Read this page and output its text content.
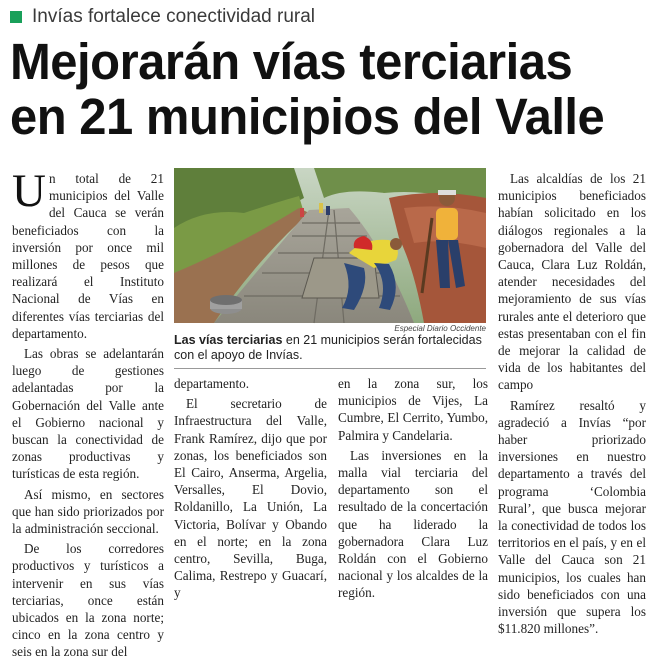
Invías fortalece conectividad rural
Mejorarán vías terciarias
en 21 municipios del Valle

Un total de 21 municipios del Valle del Cauca se verán beneficiados con la inversión por once mil millones de pesos que realizará el Instituto Nacional de Vías en diferentes vías terciarias del departamento.

Las obras se adelantarán luego de gestiones adelantadas por la Gobernación del Valle ante el Gobierno nacional y buscan la conectividad de zonas productivas y turísticas de esta región.

Así mismo, en sectores que han sido priorizados por la administración seccional.

De los corredores productivos y turísticos a intervenir en sus vías terciarias, once están ubicados en la zona norte; cinco en la zona centro y seis en la zona sur del

Especial Diario Occidente
Las vías terciarias en 21 municipios serán fortalecidas con el apoyo de Invías.

departamento.

El secretario de Infraestructura del Valle, Frank Ramírez, dijo que por zonas, los beneficiados son El Cairo, Anserma, Argelia, Versalles, El Dovio, Roldanillo, La Unión, La Victoria, Bolívar y Obando en el norte; en la zona centro, Sevilla, Buga, Calima, Restrepo y Guacarí, y

en la zona sur, los municipios de Vijes, La Cumbre, El Cerrito, Yumbo, Palmira y Candelaria.

Las inversiones en la malla vial terciaria del departamento son el resultado de la concertación que ha liderado la gobernadora Clara Luz Roldán con el Gobierno nacional y los alcaldes de la región.

Las alcaldías de los 21 municipios beneficiados habían solicitado en los diálogos regionales a la gobernadora del Valle del Cauca, Clara Luz Roldán, atender necesidades del mejoramiento de sus vías rurales ante el deterioro que estas presentaban con el fin de mejorar la calidad de vida de los habitantes del campo

Ramírez resaltó y agradeció a Invías “por haber priorizado inversiones en nuestro departamento a través del programa ‘Colombia Rural’, que busca mejorar la conectividad de todos los territorios en el país, y en el Valle del Cauca son 21 municipios, los cuales han sido beneficiados con una inversión que supera los $11.820 millones”.
